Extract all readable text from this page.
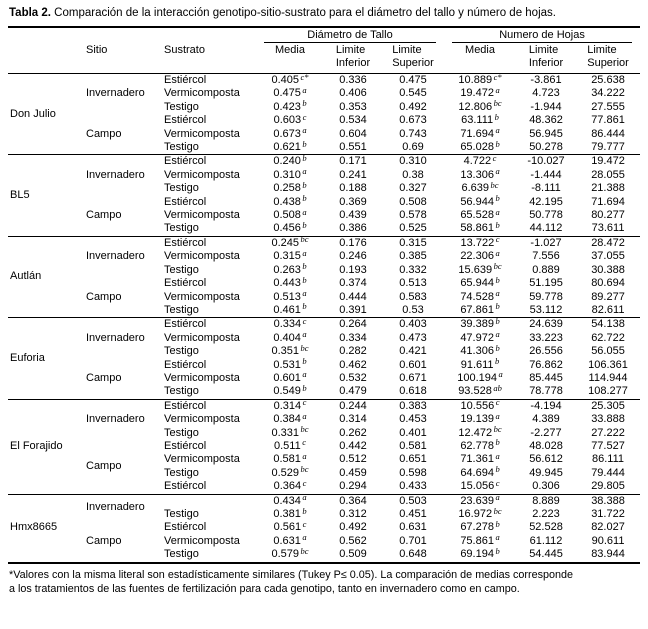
Tabla 2. Comparación de la interacción genotipo-sitio-sustrato para el diámetro del tallo y número de hojas.

			Diámetro de Tallo			Numero de Hojas		

	Sitio	Sustrato	Media	Limite
Inferior	Limite
Superior	Media	Limite
Inferior	Limite
Superior
Don Julio	Invernadero	Estiércol	0.405 $^{c*}$	0.336	0.475	10.889 $^{c*}$	-3.861	25.638
		Vermicomposta	0.475 $^a$	0.406	0.545	19.472 $^a$	4.723	34.222
		Testigo	0.423 $^b$	0.353	0.492	12.806 $^{bc}$	-1.944	27.555
	Campo	Estiércol	0.603 $^c$	0.534	0.673	63.111 $^b$	48.362	77.861
		Vermicomposta	0.673 $^a$	0.604	0.743	71.694 $^a$	56.945	86.444
		Testigo	0.621 $^b$	0.551	0.69	65.028 $^b$	50.278	79.777
BL5	Invernadero	Estiércol	0.240 $^b$	0.171	0.310	4.722 $^c$	-10.027	19.472
		Vermicomposta	0.310 $^a$	0.241	0.38	13.306 $^a$	-1.444	28.055
		Testigo	0.258 $^b$	0.188	0.327	6.639 $^{bc}$	-8.111	21.388
	Campo	Estiércol	0.438 $^b$	0.369	0.508	56.944 $^b$	42.195	71.694
		Vermicomposta	0.508 $^a$	0.439	0.578	65.528 $^a$	50.778	80.277
		Testigo	0.456 $^b$	0.386	0.525	58.861 $^b$	44.112	73.611
Autlán	Invernadero	Estiércol	0.245 $^{bc}$	0.176	0.315	13.722 $^c$	-1.027	28.472
		Vermicomposta	0.315 $^a$	0.246	0.385	22.306 $^a$	7.556	37.055
		Testigo	0.263 $^b$	0.193	0.332	15.639 $^{bc}$	0.889	30.388
	Campo	Estiércol	0.443 $^b$	0.374	0.513	65.944 $^b$	51.195	80.694
		Vermicomposta	0.513 $^a$	0.444	0.583	74.528 $^a$	59.778	89.277
		Testigo	0.461 $^b$	0.391	0.53	67.861 $^b$	53.112	82.611
Euforia	Invernadero	Estiércol	0.334 $^c$	0.264	0.403	39.389 $^b$	24.639	54.138
		Vermicomposta	0.404 $^a$	0.334	0.473	47.972 $^a$	33.223	62.722
		Testigo	0.351 $^{bc}$	0.282	0.421	41.306 $^b$	26.556	56.055
	Campo	Estiércol	0.531 $^b$	0.462	0.601	91.611 $^b$	76.862	106.361
		Vermicomposta	0.601 $^a$	0.532	0.671	100.194 $^a$	85.445	114.944
		Testigo	0.549 $^b$	0.479	0.618	93.528 $^{ab}$	78.778	108.277
El Forajido	Invernadero	Estiércol	0.314 $^c$	0.244	0.383	10.556 $^c$	-4.194	25.305
		Vermicomposta	0.384 $^a$	0.314	0.453	19.139 $^a$	4.389	33.888
		Testigo	0.331 $^{bc}$	0.262	0.401	12.472 $^{bc}$	-2.277	27.222
	Campo	Estiércol	0.511 $^c$	0.442	0.581	62.778 $^b$	48.028	77.527
		Vermicomposta	0.581 $^a$	0.512	0.651	71.361 $^a$	56.612	86.111
		Testigo	0.529 $^{bc}$	0.459	0.598	64.694 $^b$	49.945	79.444
		Estiércol	0.364 $^c$	0.294	0.433	15.056 $^c$	0.306	29.805
Hmx8665	Invernadero		0.434 $^a$	0.364	0.503	23.639 $^a$	8.889	38.388
		Testigo	0.381 $^b$	0.312	0.451	16.972 $^{bc}$	2.223	31.722
	Campo	Estiércol	0.561 $^c$	0.492	0.631	67.278 $^b$	52.528	82.027
		Vermicomposta	0.631 $^a$	0.562	0.701	75.861 $^a$	61.112	90.611
		Testigo	0.579 $^{bc}$	0.509	0.648	69.194 $^b$	54.445	83.944
*Valores con la misma literal son estadísticamente similares (Tukey P≤ 0.05). La comparación de medias corresponde
a los tratamientos de las fuentes de fertilización para cada genotipo, tanto en invernadero como en campo.
